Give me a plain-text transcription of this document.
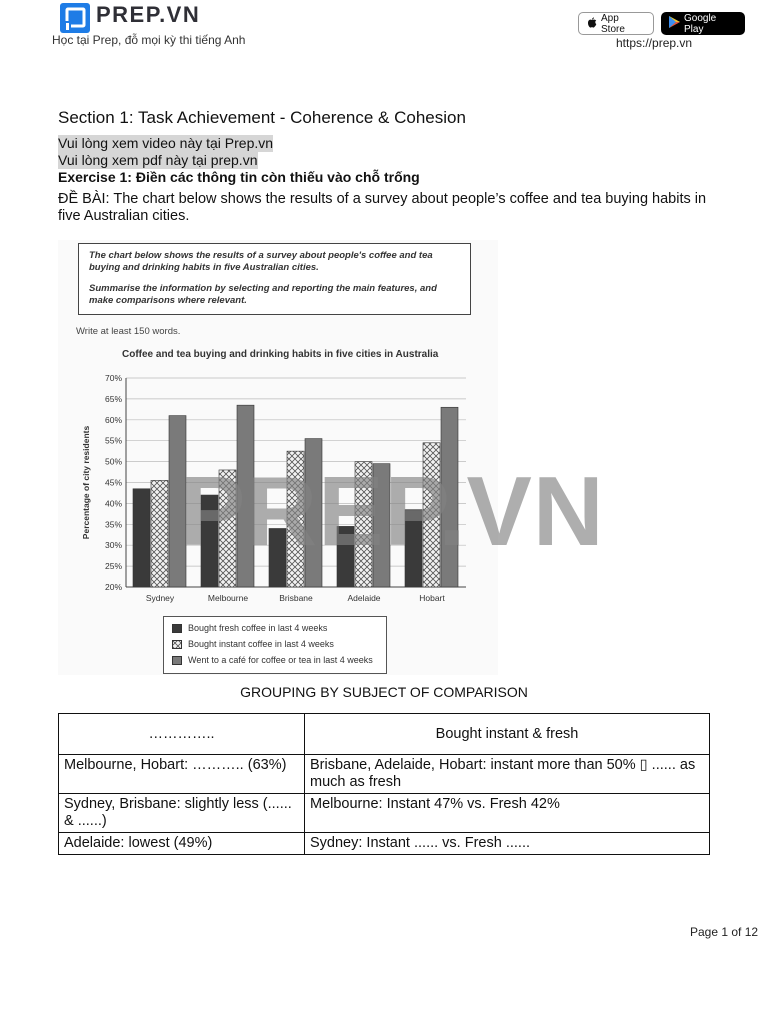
PREP.VN
Học tại Prep, đỗ mọi kỳ thi tiếng Anh
App Store
Google Play
https://prep.vn
Section 1: Task Achievement - Coherence & Cohesion
Vui lòng xem video này tại Prep.vn
Vui lòng xem pdf này tại prep.vn
Exercise 1: Điền các thông tin còn thiếu vào chỗ trống
ĐỀ BÀI: The chart below shows the results of a survey about people’s coffee and tea buying habits in five Australian cities.

The chart below shows the results of a survey about people's coffee and tea buying and drinking habits in five Australian cities.

Summarise the information by selecting and reporting the main features, and make comparisons where relevant.

Write at least 150 words.
Coffee and tea buying and drinking habits in five cities in Australia
20%
25%
30%
35%
40%
45%
50%
55%
60%
65%
70%
Percentage of city residents
Sydney	Melbourne	Brisbane	Adelaide	Hobart
Bought fresh coffee in last 4 weeks
Bought instant coffee in last 4 weeks
Went to a café for coffee or tea in last 4 weeks
PREP.VN
GROUPING BY SUBJECT OF COMPARISON
…………..	Bought instant & fresh
Melbourne, Hobart: ……….. (63%)	Brisbane, Adelaide, Hobart: instant more than 50% ▯ ...... as much as fresh
Sydney, Brisbane: slightly less (...... & ......)	Melbourne: Instant 47% vs. Fresh 42%
Adelaide: lowest (49%)	Sydney: Instant ...... vs. Fresh ......
Page 1 of 12
